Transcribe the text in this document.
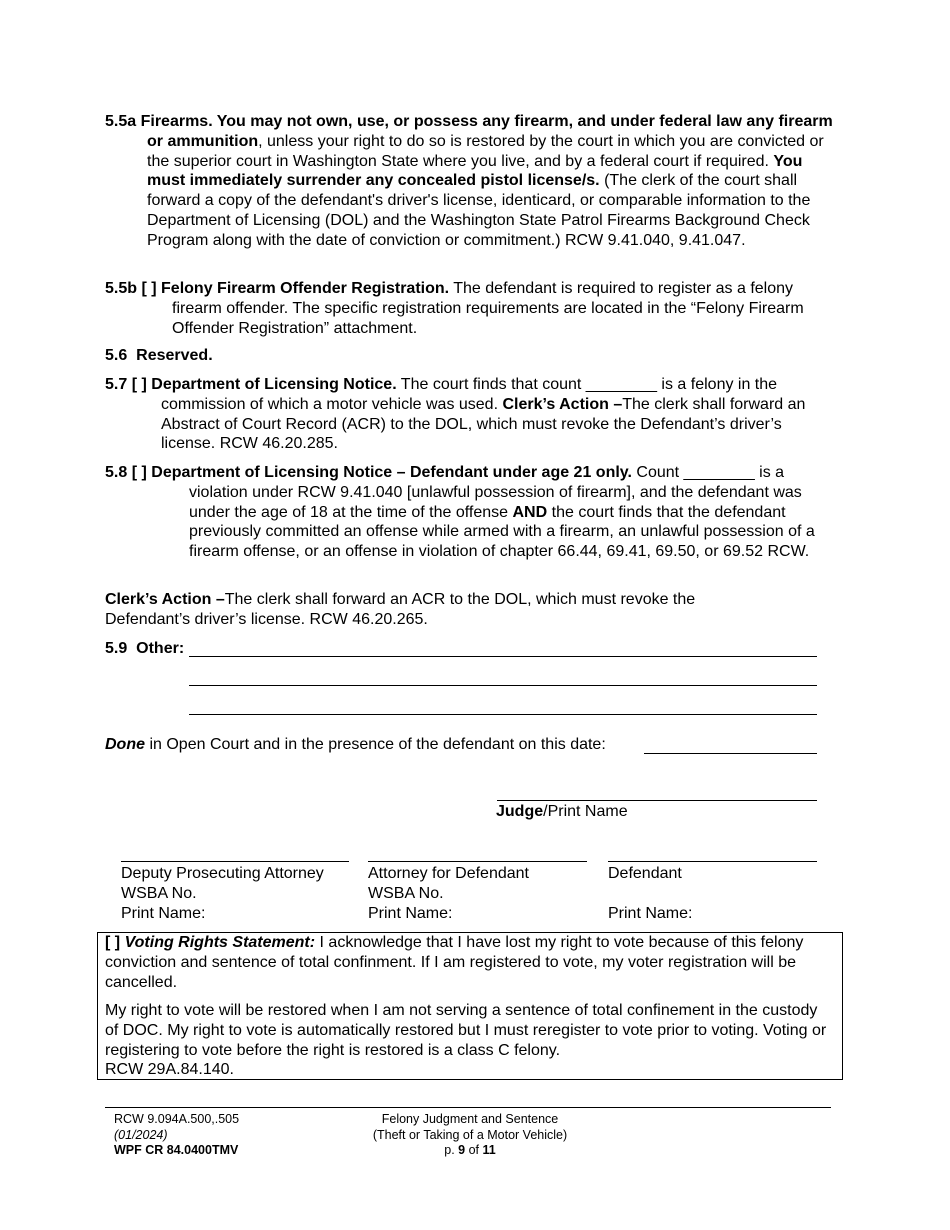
5.5a Firearms. You may not own, use, or possess any firearm, and under federal law any firearm or ammunition, unless your right to do so is restored by the court in which you are convicted or the superior court in Washington State where you live, and by a federal court if required. You must immediately surrender any concealed pistol license/s. (The clerk of the court shall forward a copy of the defendant's driver's license, identicard, or comparable information to the Department of Licensing (DOL) and the Washington State Patrol Firearms Background Check Program along with the date of conviction or commitment.) RCW 9.41.040, 9.41.047.
5.5b [ ] Felony Firearm Offender Registration. The defendant is required to register as a felony firearm offender. The specific registration requirements are located in the “Felony Firearm Offender Registration” attachment.
5.6 Reserved.
5.7 [ ] Department of Licensing Notice. The court finds that count ________ is a felony in the commission of which a motor vehicle was used. Clerk’s Action –The clerk shall forward an Abstract of Court Record (ACR) to the DOL, which must revoke the Defendant’s driver’s license. RCW 46.20.285.
5.8 [ ] Department of Licensing Notice – Defendant under age 21 only. Count ________ is a violation under RCW 9.41.040 [unlawful possession of firearm], and the defendant was under the age of 18 at the time of the offense AND the court finds that the defendant previously committed an offense while armed with a firearm, an unlawful possession of a firearm offense, or an offense in violation of chapter 66.44, 69.41, 69.50, or 69.52 RCW.
Clerk’s Action –The clerk shall forward an ACR to the DOL, which must revoke the Defendant’s driver’s license. RCW 46.20.265.
5.9 Other:
Done in Open Court and in the presence of the defendant on this date:
Judge/Print Name
Deputy Prosecuting Attorney
WSBA No.
Print Name:
Attorney for Defendant
WSBA No.
Print Name:
Defendant
Print Name:
[ ] Voting Rights Statement: I acknowledge that I have lost my right to vote because of this felony conviction and sentence of total confinment. If I am registered to vote, my voter registration will be cancelled.
My right to vote will be restored when I am not serving a sentence of total confinement in the custody of DOC. My right to vote is automatically restored but I must reregister to vote prior to voting. Voting or registering to vote before the right is restored is a class C felony.
RCW 29A.84.140.
RCW 9.094A.500,.505
(01/2024)
WPF CR 84.0400TMV
Felony Judgment and Sentence
(Theft or Taking of a Motor Vehicle)
p. 9 of 11
